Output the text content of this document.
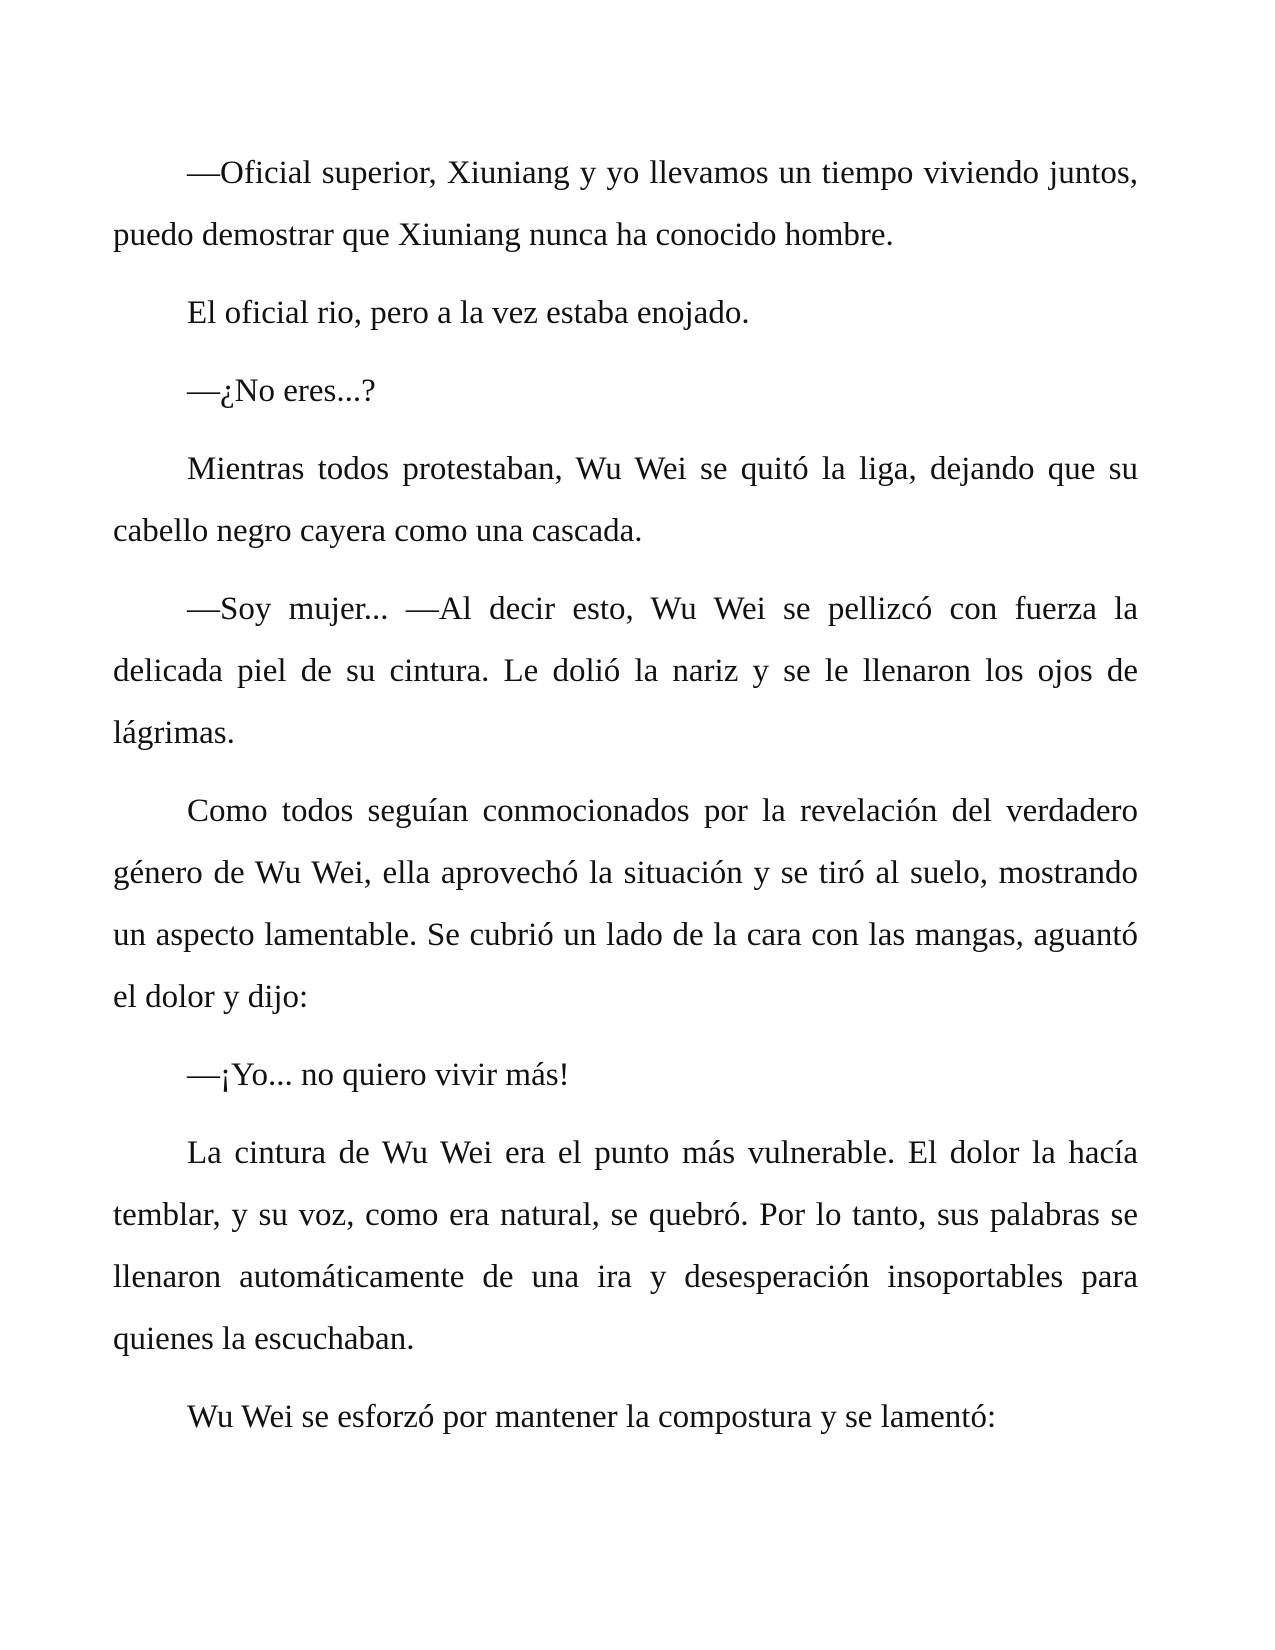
—Oficial superior, Xiuniang y yo llevamos un tiempo viviendo juntos, puedo demostrar que Xiuniang nunca ha conocido hombre.

El oficial rio, pero a la vez estaba enojado.

—¿No eres...?

Mientras todos protestaban, Wu Wei se quitó la liga, dejando que su cabello negro cayera como una cascada.

—Soy mujer... —Al decir esto, Wu Wei se pellizcó con fuerza la delicada piel de su cintura. Le dolió la nariz y se le llenaron los ojos de lágrimas.

Como todos seguían conmocionados por la revelación del verdadero género de Wu Wei, ella aprovechó la situación y se tiró al suelo, mostrando un aspecto lamentable. Se cubrió un lado de la cara con las mangas, aguantó el dolor y dijo:

—¡Yo... no quiero vivir más!

La cintura de Wu Wei era el punto más vulnerable. El dolor la hacía temblar, y su voz, como era natural, se quebró. Por lo tanto, sus palabras se llenaron automáticamente de una ira y desesperación insoportables para quienes la escuchaban.

Wu Wei se esforzó por mantener la compostura y se lamentó:
